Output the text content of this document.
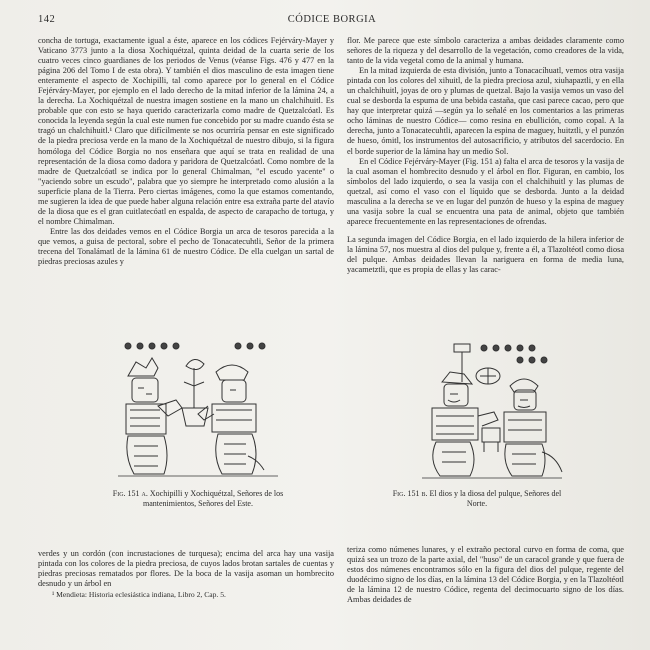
142	CÓDICE BORGIA

concha de tortuga, exactamente igual a éste, aparece en los códices Fejérváry-Mayer y Vaticano 3773 junto a la diosa Xochiquétzal, quinta deidad de la cuarta serie de los cuatro veces cinco guardianes de los periodos de Venus (véanse Figs. 476 y 477 en la página 206 del Tomo I de esta obra). Y también el dios masculino de esta imagen tiene enteramente el aspecto de Xochipilli, tal como aparece por lo general en el Códice Fejérváry-Mayer, por ejemplo en el lado derecho de la mitad inferior de la lámina 24, a la derecha. La Xochiquétzal de nuestra imagen sostiene en la mano un chalchihuitl. Es probable que con esto se haya querido caracterizarla como madre de Quetzalcóatl. Es conocida la leyenda según la cual este numen fue concebido por su madre cuando ésta se tragó un chalchihuitl.¹ Claro que difícilmente se nos ocurriría pensar en este significado de la piedra preciosa verde en la mano de la Xochiquétzal de nuestro dibujo, si la figura homóloga del Códice Borgia no nos enseñara que aquí se trata en realidad de una representación de la diosa como dadora y paridora de Quetzalcóatl. Como nombre de la madre de Quetzalcóatl se indica por lo general Chimalman, "el escudo yacente" o "yaciendo sobre un escudo", palabra que yo siempre he interpretado como alusión a la superficie plana de la Tierra. Pero ciertas imágenes, como la que estamos comentando, me sugieren la idea de que puede haber alguna relación entre esa extraña parte del atavío de la diosa que es el gran cuitlatecóatl en espalda, de aspecto de carapacho de tortuga, y el nombre Chimalman.

Entre las dos deidades vemos en el Códice Borgia un arca de tesoros parecida a la que vemos, a guisa de pectoral, sobre el pecho de Tonacatecuhtli, Señor de la primera trecena del Tonalámatl de la lámina 61 de nuestro Códice. De ella cuelgan un sartal de piedras preciosas azules y

flor. Me parece que este símbolo caracteriza a ambas deidades claramente como señores de la riqueza y del desarrollo de la vegetación, como creadores de la vida, tanto de la vida vegetal como de la animal y humana.

En la mitad izquierda de esta división, junto a Tonacacíhuatl, vemos otra vasija pintada con los colores del xihuitl, de la piedra preciosa azul, xiuhapaztli, y en ella un chalchihuitl, joyas de oro y plumas de quetzal. Bajo la vasija vemos un vaso del cual se desborda la espuma de una bebida castaña, que casi parece cacao, pero que hay que interpretar quizá —según ya lo señalé en los comentarios a las primeras ocho láminas de nuestro Códice— como resina en ebullición, como copal. A la derecha, junto a Tonacatecuhtli, aparecen la espina de maguey, huitztli, y el punzón de hueso, ómitl, los instrumentos del autosacrificio, y atributos del sacerdocio. En el borde superior de la lámina hay un medio Sol.

En el Códice Fejérváry-Mayer (Fig. 151 a) falta el arca de tesoros y la vasija de la cual asoman el hombrecito desnudo y el árbol en flor. Figuran, en cambio, los símbolos del lado izquierdo, o sea la vasija con el chalchihuitl y las plumas de quetzal, así como el vaso con el líquido que se desborda. Junto a la deidad masculina a la derecha se ve en lugar del punzón de hueso y la espina de maguey una vasija sobre la cual se encuentra una pata de animal, objeto que también aparece frecuentemente en las representaciones de ofrendas.

La segunda imagen del Códice Borgia, en el lado izquierdo de la hilera inferior de la lámina 57, nos muestra al dios del pulque y, frente a él, a Tlazoltéotl como diosa del pulque. Ambas deidades llevan la nariguera en forma de media luna, yacametztli, que es propia de ellas y las carac-

Fig. 151 a. Xochipilli y Xochiquétzal, Señores de los mantenimientos, Señores del Este.
Fig. 151 b. El dios y la diosa del pulque, Señores del Norte.

verdes y un cordón (con incrustaciones de turquesa); encima del arca hay una vasija pintada con los colores de la piedra preciosa, de cuyos lados brotan sartales de cuentas y piedras preciosas rematados por flores. De la boca de la vasija asoman un hombrecito desnudo y un árbol en

teriza como númenes lunares, y el extraño pectoral curvo en forma de coma, que quizá sea un trozo de la parte axial, del "huso" de un caracol grande y que fuera de estos dos númenes encontramos sólo en la figura del dios del pulque, regente del duodécimo signo de los días, en la lámina 13 del Códice Borgia, y en la Tlazoltéotl de la lámina 12 de nuestro Códice, regenta del decimocuarto signo de los días. Ambas deidades de

¹ Mendieta: Historia eclesiástica indiana, Libro 2, Cap. 5.
